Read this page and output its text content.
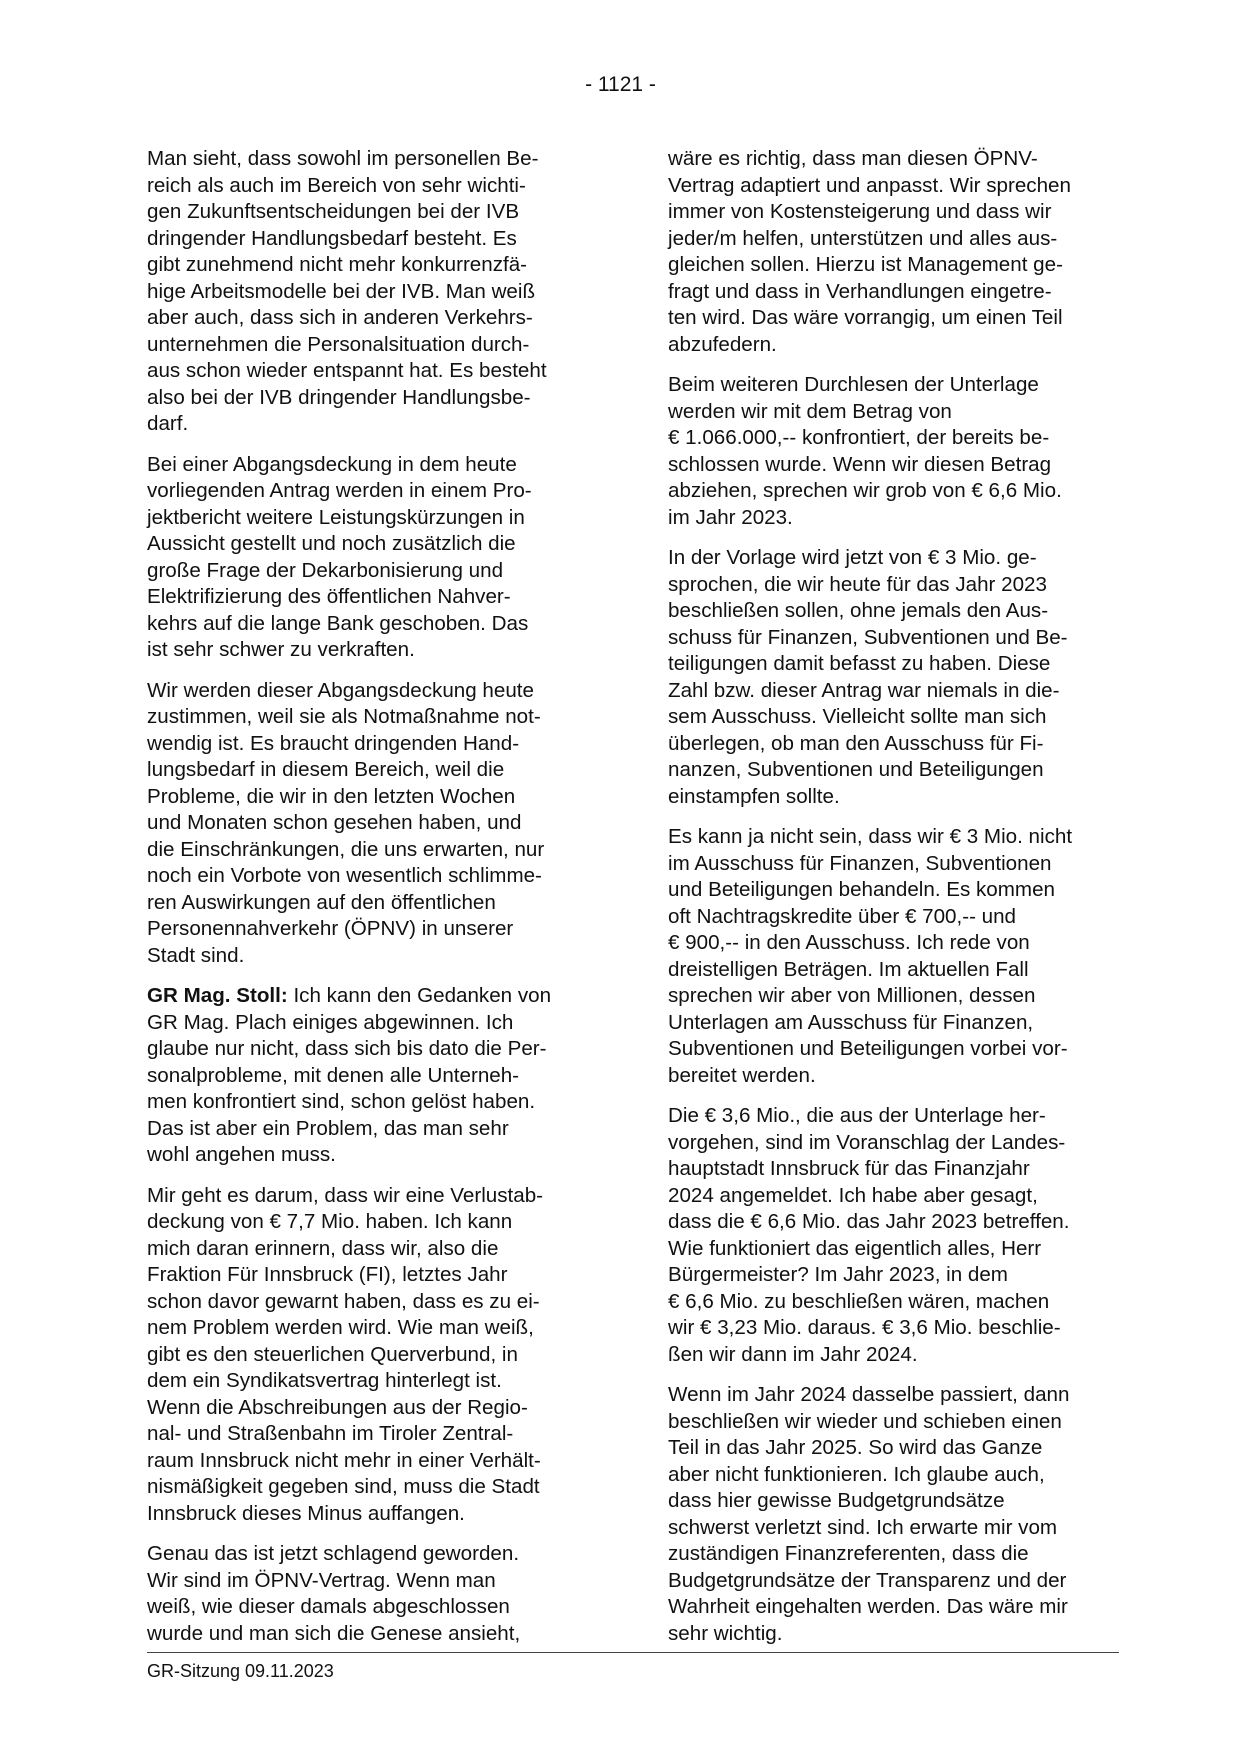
- 1121 -

Man sieht, dass sowohl im personellen Be-
reich als auch im Bereich von sehr wichti-
gen Zukunftsentscheidungen bei der IVB
dringender Handlungsbedarf besteht. Es
gibt zunehmend nicht mehr konkurrenzfä-
hige Arbeitsmodelle bei der IVB. Man weiß
aber auch, dass sich in anderen Verkehrs-
unternehmen die Personalsituation durch-
aus schon wieder entspannt hat. Es besteht
also bei der IVB dringender Handlungsbe-
darf.

Bei einer Abgangsdeckung in dem heute
vorliegenden Antrag werden in einem Pro-
jektbericht weitere Leistungskürzungen in
Aussicht gestellt und noch zusätzlich die
große Frage der Dekarbonisierung und
Elektrifizierung des öffentlichen Nahver-
kehrs auf die lange Bank geschoben. Das
ist sehr schwer zu verkraften.

Wir werden dieser Abgangsdeckung heute
zustimmen, weil sie als Notmaßnahme not-
wendig ist. Es braucht dringenden Hand-
lungsbedarf in diesem Bereich, weil die
Probleme, die wir in den letzten Wochen
und Monaten schon gesehen haben, und
die Einschränkungen, die uns erwarten, nur
noch ein Vorbote von wesentlich schlimme-
ren Auswirkungen auf den öffentlichen
Personennahverkehr (ÖPNV) in unserer
Stadt sind.

GR Mag. Stoll: Ich kann den Gedanken von
GR Mag. Plach einiges abgewinnen. Ich
glaube nur nicht, dass sich bis dato die Per-
sonalprobleme, mit denen alle Unterneh-
men konfrontiert sind, schon gelöst haben.
Das ist aber ein Problem, das man sehr
wohl angehen muss.

Mir geht es darum, dass wir eine Verlustab-
deckung von € 7,7 Mio. haben. Ich kann
mich daran erinnern, dass wir, also die
Fraktion Für Innsbruck (FI), letztes Jahr
schon davor gewarnt haben, dass es zu ei-
nem Problem werden wird. Wie man weiß,
gibt es den steuerlichen Querverbund, in
dem ein Syndikatsvertrag hinterlegt ist.
Wenn die Abschreibungen aus der Regio-
nal- und Straßenbahn im Tiroler Zentral-
raum Innsbruck nicht mehr in einer Verhält-
nismäßigkeit gegeben sind, muss die Stadt
Innsbruck dieses Minus auffangen.

Genau das ist jetzt schlagend geworden.
Wir sind im ÖPNV-Vertrag. Wenn man
weiß, wie dieser damals abgeschlossen
wurde und man sich die Genese ansieht,

wäre es richtig, dass man diesen ÖPNV-
Vertrag adaptiert und anpasst. Wir sprechen
immer von Kostensteigerung und dass wir
jeder/m helfen, unterstützen und alles aus-
gleichen sollen. Hierzu ist Management ge-
fragt und dass in Verhandlungen eingetre-
ten wird. Das wäre vorrangig, um einen Teil
abzufedern.

Beim weiteren Durchlesen der Unterlage
werden wir mit dem Betrag von
€ 1.066.000,-- konfrontiert, der bereits be-
schlossen wurde. Wenn wir diesen Betrag
abziehen, sprechen wir grob von € 6,6 Mio.
im Jahr 2023.

In der Vorlage wird jetzt von € 3 Mio. ge-
sprochen, die wir heute für das Jahr 2023
beschließen sollen, ohne jemals den Aus-
schuss für Finanzen, Subventionen und Be-
teiligungen damit befasst zu haben. Diese
Zahl bzw. dieser Antrag war niemals in die-
sem Ausschuss. Vielleicht sollte man sich
überlegen, ob man den Ausschuss für Fi-
nanzen, Subventionen und Beteiligungen
einstampfen sollte.

Es kann ja nicht sein, dass wir € 3 Mio. nicht
im Ausschuss für Finanzen, Subventionen
und Beteiligungen behandeln. Es kommen
oft Nachtragskredite über € 700,-- und
€ 900,-- in den Ausschuss. Ich rede von
dreistelligen Beträgen. Im aktuellen Fall
sprechen wir aber von Millionen, dessen
Unterlagen am Ausschuss für Finanzen,
Subventionen und Beteiligungen vorbei vor-
bereitet werden.

Die € 3,6 Mio., die aus der Unterlage her-
vorgehen, sind im Voranschlag der Landes-
hauptstadt Innsbruck für das Finanzjahr
2024 angemeldet. Ich habe aber gesagt,
dass die € 6,6 Mio. das Jahr 2023 betreffen.
Wie funktioniert das eigentlich alles, Herr
Bürgermeister? Im Jahr 2023, in dem
€ 6,6 Mio. zu beschließen wären, machen
wir € 3,23 Mio. daraus. € 3,6 Mio. beschlie-
ßen wir dann im Jahr 2024.

Wenn im Jahr 2024 dasselbe passiert, dann
beschließen wir wieder und schieben einen
Teil in das Jahr 2025. So wird das Ganze
aber nicht funktionieren. Ich glaube auch,
dass hier gewisse Budgetgrundsätze
schwerst verletzt sind. Ich erwarte mir vom
zuständigen Finanzreferenten, dass die
Budgetgrundsätze der Transparenz und der
Wahrheit eingehalten werden. Das wäre mir
sehr wichtig.

GR-Sitzung 09.11.2023
